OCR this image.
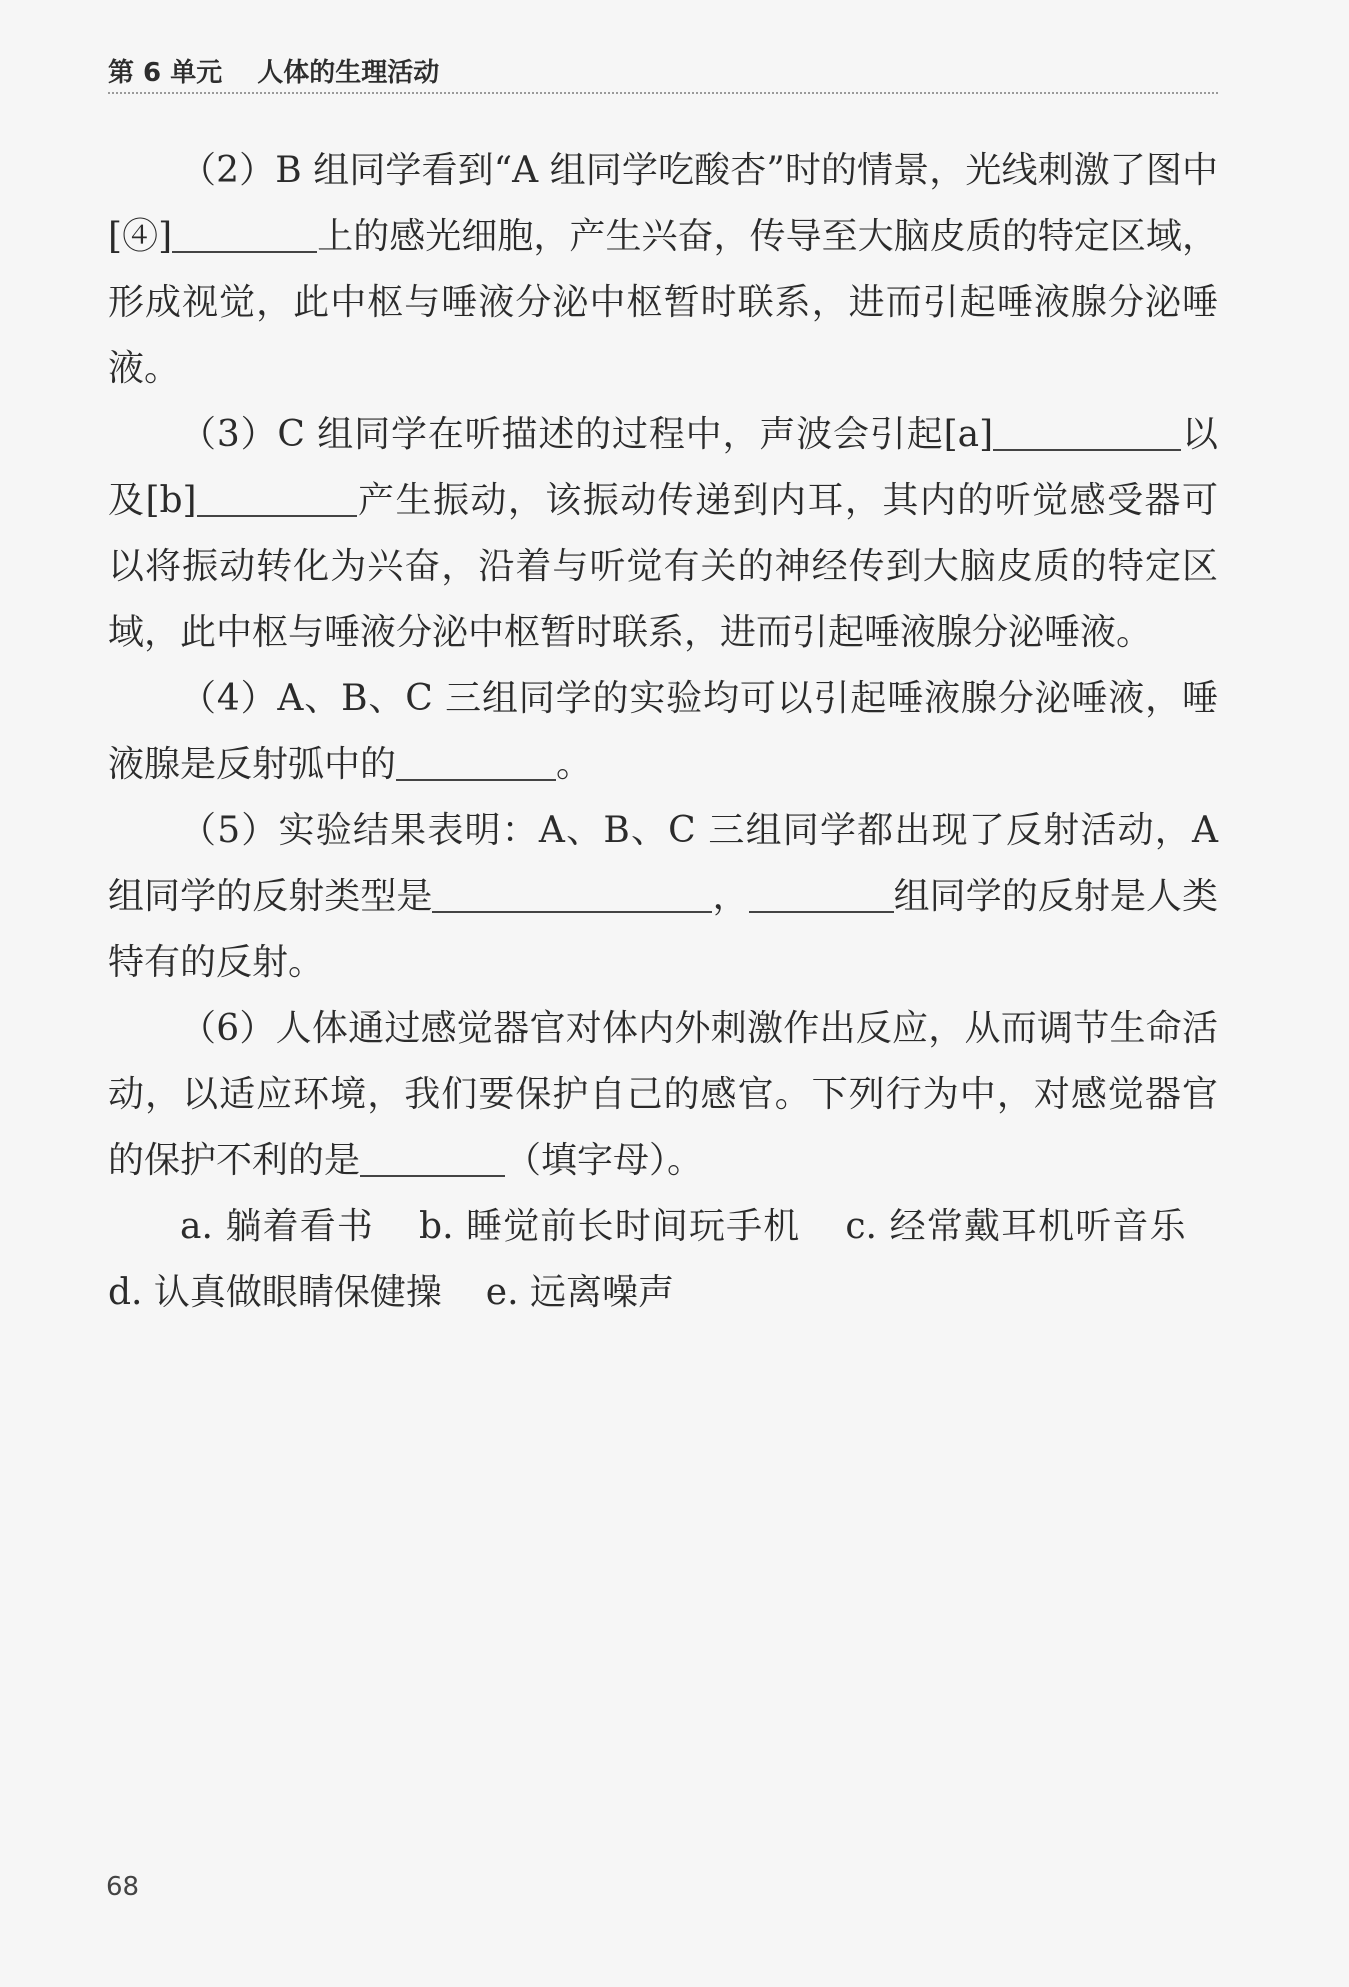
第 6 单元 人体的生理活动

（2）B 组同学看到“A 组同学吃酸杏”时的情景，光线刺激了图中[④]	上的感光细胞，产生兴奋，传导至大脑皮质的特定区域，形成视觉，此中枢与唾液分泌中枢暂时联系，进而引起唾液腺分泌唾液。

（3）C 组同学在听描述的过程中，声波会引起[a]	以及[b]	产生振动，该振动传递到内耳，其内的听觉感受器可以将振动转化为兴奋，沿着与听觉有关的神经传到大脑皮质的特定区域，此中枢与唾液分泌中枢暂时联系，进而引起唾液腺分泌唾液。

（4）A、B、C 三组同学的实验均可以引起唾液腺分泌唾液，唾液腺是反射弧中的	。

（5）实验结果表明：A、B、C 三组同学都出现了反射活动，A 组同学的反射类型是	，	组同学的反射是人类特有的反射。

（6）人体通过感觉器官对体内外刺激作出反应，从而调节生命活动，以适应环境，我们要保护自己的感官。下列行为中，对感觉器官的保护不利的是	（填字母）。

a. 躺着看书 b. 睡觉前长时间玩手机 c. 经常戴耳机听音乐 d. 认真做眼睛保健操 e. 远离噪声

68
